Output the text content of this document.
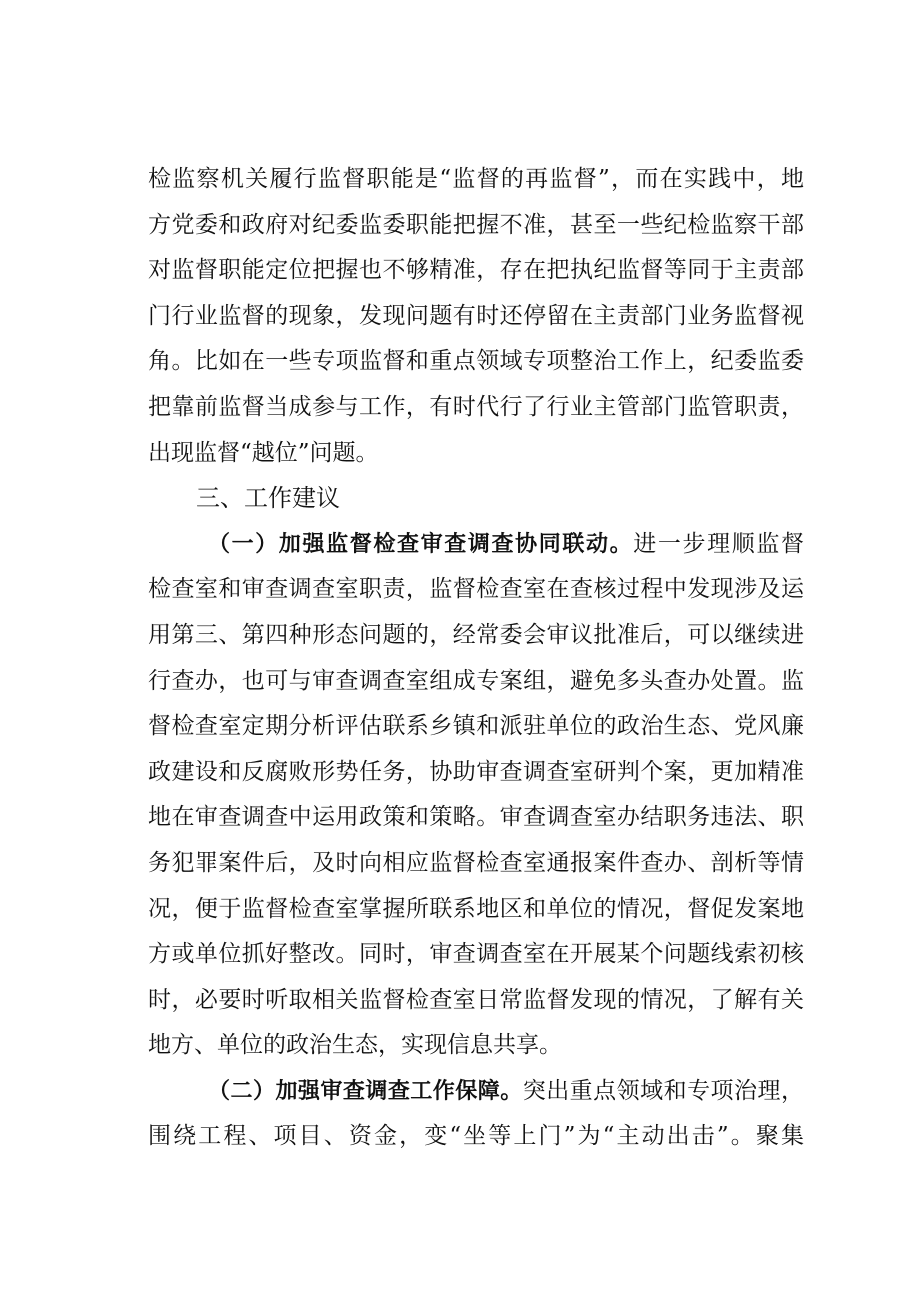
检监察机关履行监督职能是“监督的再监督”，而在实践中，地
方党委和政府对纪委监委职能把握不准，甚至一些纪检监察干部
对监督职能定位把握也不够精准，存在把执纪监督等同于主责部
门行业监督的现象，发现问题有时还停留在主责部门业务监督视
角。比如在一些专项监督和重点领域专项整治工作上，纪委监委
把靠前监督当成参与工作，有时代行了行业主管部门监管职责，
出现监督“越位”问题。
三、工作建议
（一）加强监督检查审查调查协同联动。进一步理顺监督
检查室和审查调查室职责，监督检查室在查核过程中发现涉及运
用第三、第四种形态问题的，经常委会审议批准后，可以继续进
行查办，也可与审查调查室组成专案组，避免多头查办处置。监
督检查室定期分析评估联系乡镇和派驻单位的政治生态、党风廉
政建设和反腐败形势任务，协助审查调查室研判个案，更加精准
地在审查调查中运用政策和策略。审查调查室办结职务违法、职
务犯罪案件后，及时向相应监督检查室通报案件查办、剖析等情
况，便于监督检查室掌握所联系地区和单位的情况，督促发案地
方或单位抓好整改。同时，审查调查室在开展某个问题线索初核
时，必要时听取相关监督检查室日常监督发现的情况，了解有关
地方、单位的政治生态，实现信息共享。
（二）加强审查调查工作保障。突出重点领域和专项治理，
围绕工程、项目、资金，变“坐等上门”为“主动出击”。聚集
